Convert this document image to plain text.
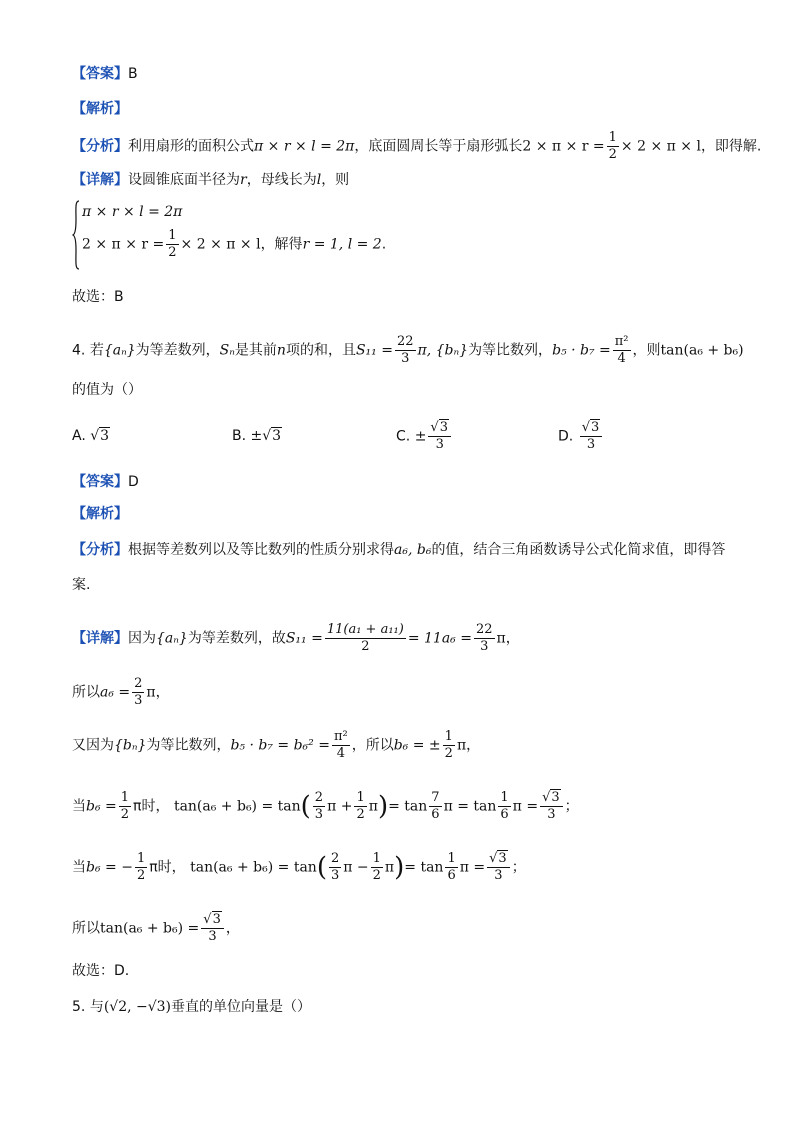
【答案】B
【解析】
【分析】利用扇形的面积公式π × r × l = 2π，底面圆周长等于扇形弧长$2 \times \pi \times r = \frac{1}{2} \times 2 \times \pi \times l$，即得解.
【详解】设圆锥底面半径为r，母线长为l，则
π × r × l = 2π
$2 \times \pi \times r = \frac{1}{2} \times 2 \times \pi \times l$，解得r = 1, l = 2.
故选：B
4. 若{aₙ}为等差数列，Sₙ是其前n项的和，且$S_{11} = \frac{22}{3} \pi$, {bₙ}为等比数列，$b_5 \cdot b_7 = \frac{\text{π²}}{4}$ ，则tan(a₆ + b₆)
的值为（）
A. √3	B. ±√3	C. ± $\frac{√3}{3}$	D. $\frac{√3}{3}$
【答案】D
【解析】
【分析】根据等差数列以及等比数列的性质分别求得a₆, b₆的值，结合三角函数诱导公式化简求值，即得答
案.
【详解】因为{aₙ}为等差数列，故$S_{11} = \frac{\text{11(a₁ + a₁₁)}}{2} = 11a_6 = \frac{22}{3}$ π，
所以$a_6 = \frac{2}{3}$ π，
又因为{bₙ}为等比数列，$b_5 \cdot b_7 = b_6^2 = \frac{\text{π²}}{4}$ ，所以b₆ = ± $\frac{1}{2}$ π，
当$b_6 = \frac{1}{2}$ π时， $\tan(a_6 + b_6) = \tan( \frac{2}{3}$ $\pi + \frac{1}{2} \pi)= \tan \frac{7}{6}$ $\pi = \tan \frac{1}{6}$ $\pi = \frac{√3}{3}$ ；
当b₆ = − $\frac{1}{2}$ π时， $\tan(a_6 + b_6) = \tan( \frac{2}{3}$ $\pi - \frac{1}{2} \pi)= \tan \frac{1}{6}$ $\pi = \frac{√3}{3}$ ；
所以$\tan(a_6 + b_6) = \frac{√3}{3}$ ，
故选：D.
5. 与(√2, −√3)垂直的单位向量是（）
